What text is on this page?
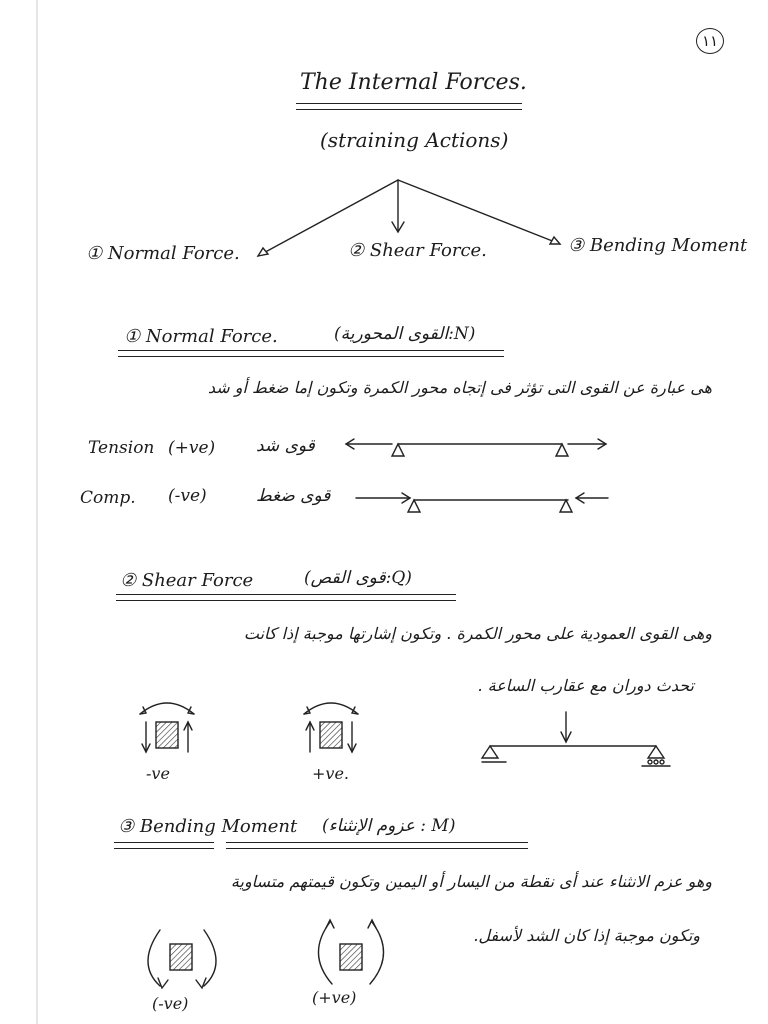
١١
The Internal Forces.
(straining Actions)
① Normal Force.	② Shear Force.	③ Bending Moment
① Normal Force.	(N:القوى المحورية)
هى عبارة عن القوى التى تؤثر فى إتجاه محور الكمرة وتكون إما ضغط أو شد
Tension (+ve) قوى شد
Comp. (-ve)	قوى ضغط
② Shear Force	(Q:قوى القص)
وهى القوى العمودية على محور الكمرة . وتكون إشارتها موجبة إذا كانت
تحدث دوران مع عقارب الساعة .
-ve	+ve.
③ Bending Moment (M : عزوم الإنثناء)
وهو عزم الانثناء عند أى نقطة من اليسار أو اليمين وتكون قيمتهم متساوية
وتكون موجبة إذا كان الشد لأسفل.
(-ve)	(+ve)
